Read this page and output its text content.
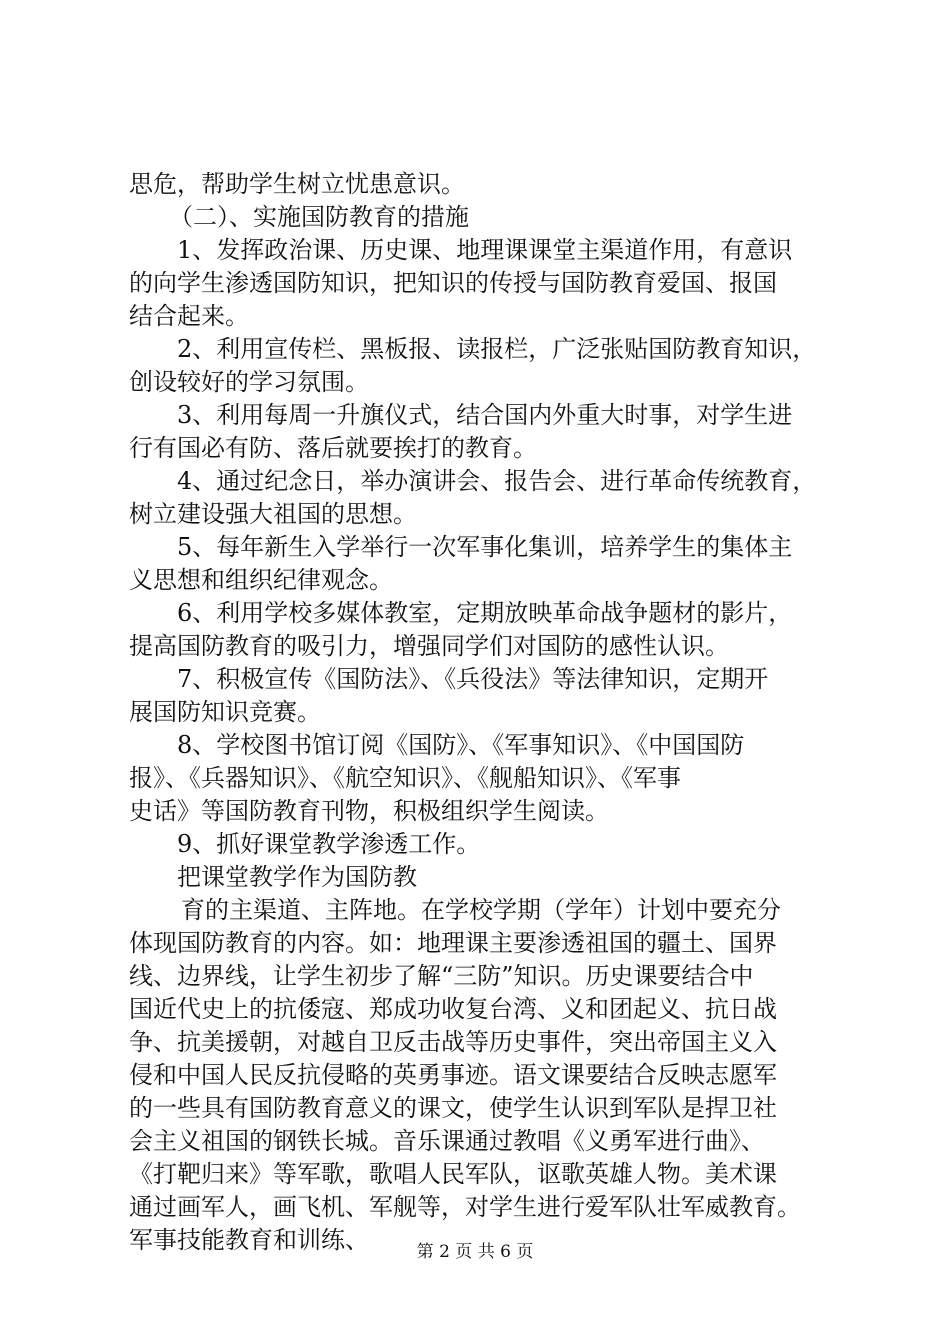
思危，帮助学生树立忧患意识。
（二）、实施国防教育的措施
1、发挥政治课、历史课、地理课课堂主渠道作用，有意识
的向学生渗透国防知识，把知识的传授与国防教育爱国、报国
结合起来。
2、利用宣传栏、黑板报、读报栏，广泛张贴国防教育知识，
创设较好的学习氛围。
3、利用每周一升旗仪式，结合国内外重大时事，对学生进
行有国必有防、落后就要挨打的教育。
4、通过纪念日，举办演讲会、报告会、进行革命传统教育，
树立建设强大祖国的思想。
5、每年新生入学举行一次军事化集训，培养学生的集体主
义思想和组织纪律观念。
6、利用学校多媒体教室，定期放映革命战争题材的影片，
提高国防教育的吸引力，增强同学们对国防的感性认识。
7、积极宣传《国防法》、《兵役法》等法律知识，定期开
展国防知识竞赛。
8、学校图书馆订阅《国防》、《军事知识》、《中国国防
报》、《兵器知识》、《航空知识》、《舰船知识》、《军事
史话》等国防教育刊物，积极组织学生阅读。
9、抓好课堂教学渗透工作。
把课堂教学作为国防教
育的主渠道、主阵地。在学校学期（学年）计划中要充分
体现国防教育的内容。如：地理课主要渗透祖国的疆土、国界
线、边界线，让学生初步了解“三防”知识。历史课要结合中
国近代史上的抗倭寇、郑成功收复台湾、义和团起义、抗日战
争、抗美援朝，对越自卫反击战等历史事件，突出帝国主义入
侵和中国人民反抗侵略的英勇事迹。语文课要结合反映志愿军
的一些具有国防教育意义的课文，使学生认识到军队是捍卫社
会主义祖国的钢铁长城。音乐课通过教唱《义勇军进行曲》、
《打靶归来》等军歌，歌唱人民军队，讴歌英雄人物。美术课
通过画军人，画飞机、军舰等，对学生进行爱军队壮军威教育。
军事技能教育和训练、	第 2 页 共 6 页
